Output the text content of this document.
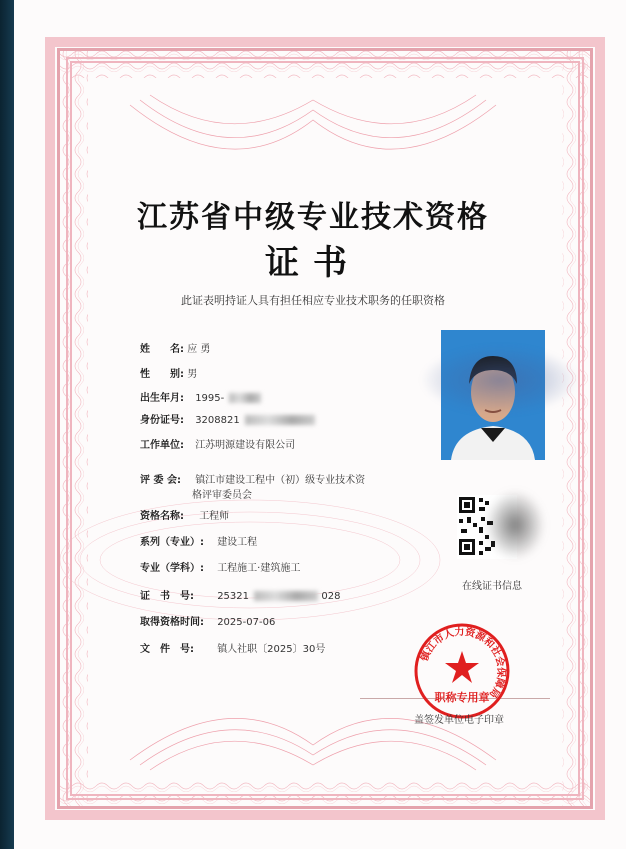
江苏省中级专业技术资格
证书
此证表明持证人具有担任相应专业技术职务的任职资格
姓　　名: 应 勇
性　　别: 男
出生年月: 1995-
身份证号: 3208821
工作单位: 江苏明源建设有限公司
评 委 会: 镇江市建设工程中（初）级专业技术资
格评审委员会
资格名称: 工程师
系列（专业）: 建设工程
专业（学科）: 工程施工·建筑施工
证　书　号: 25321	028
取得资格时间: 2025-07-06
文　件　号: 镇人社职〔2025〕30号
在线证书信息
镇江市人力资源和社会保障局
职称专用章
盖签发单位电子印章
